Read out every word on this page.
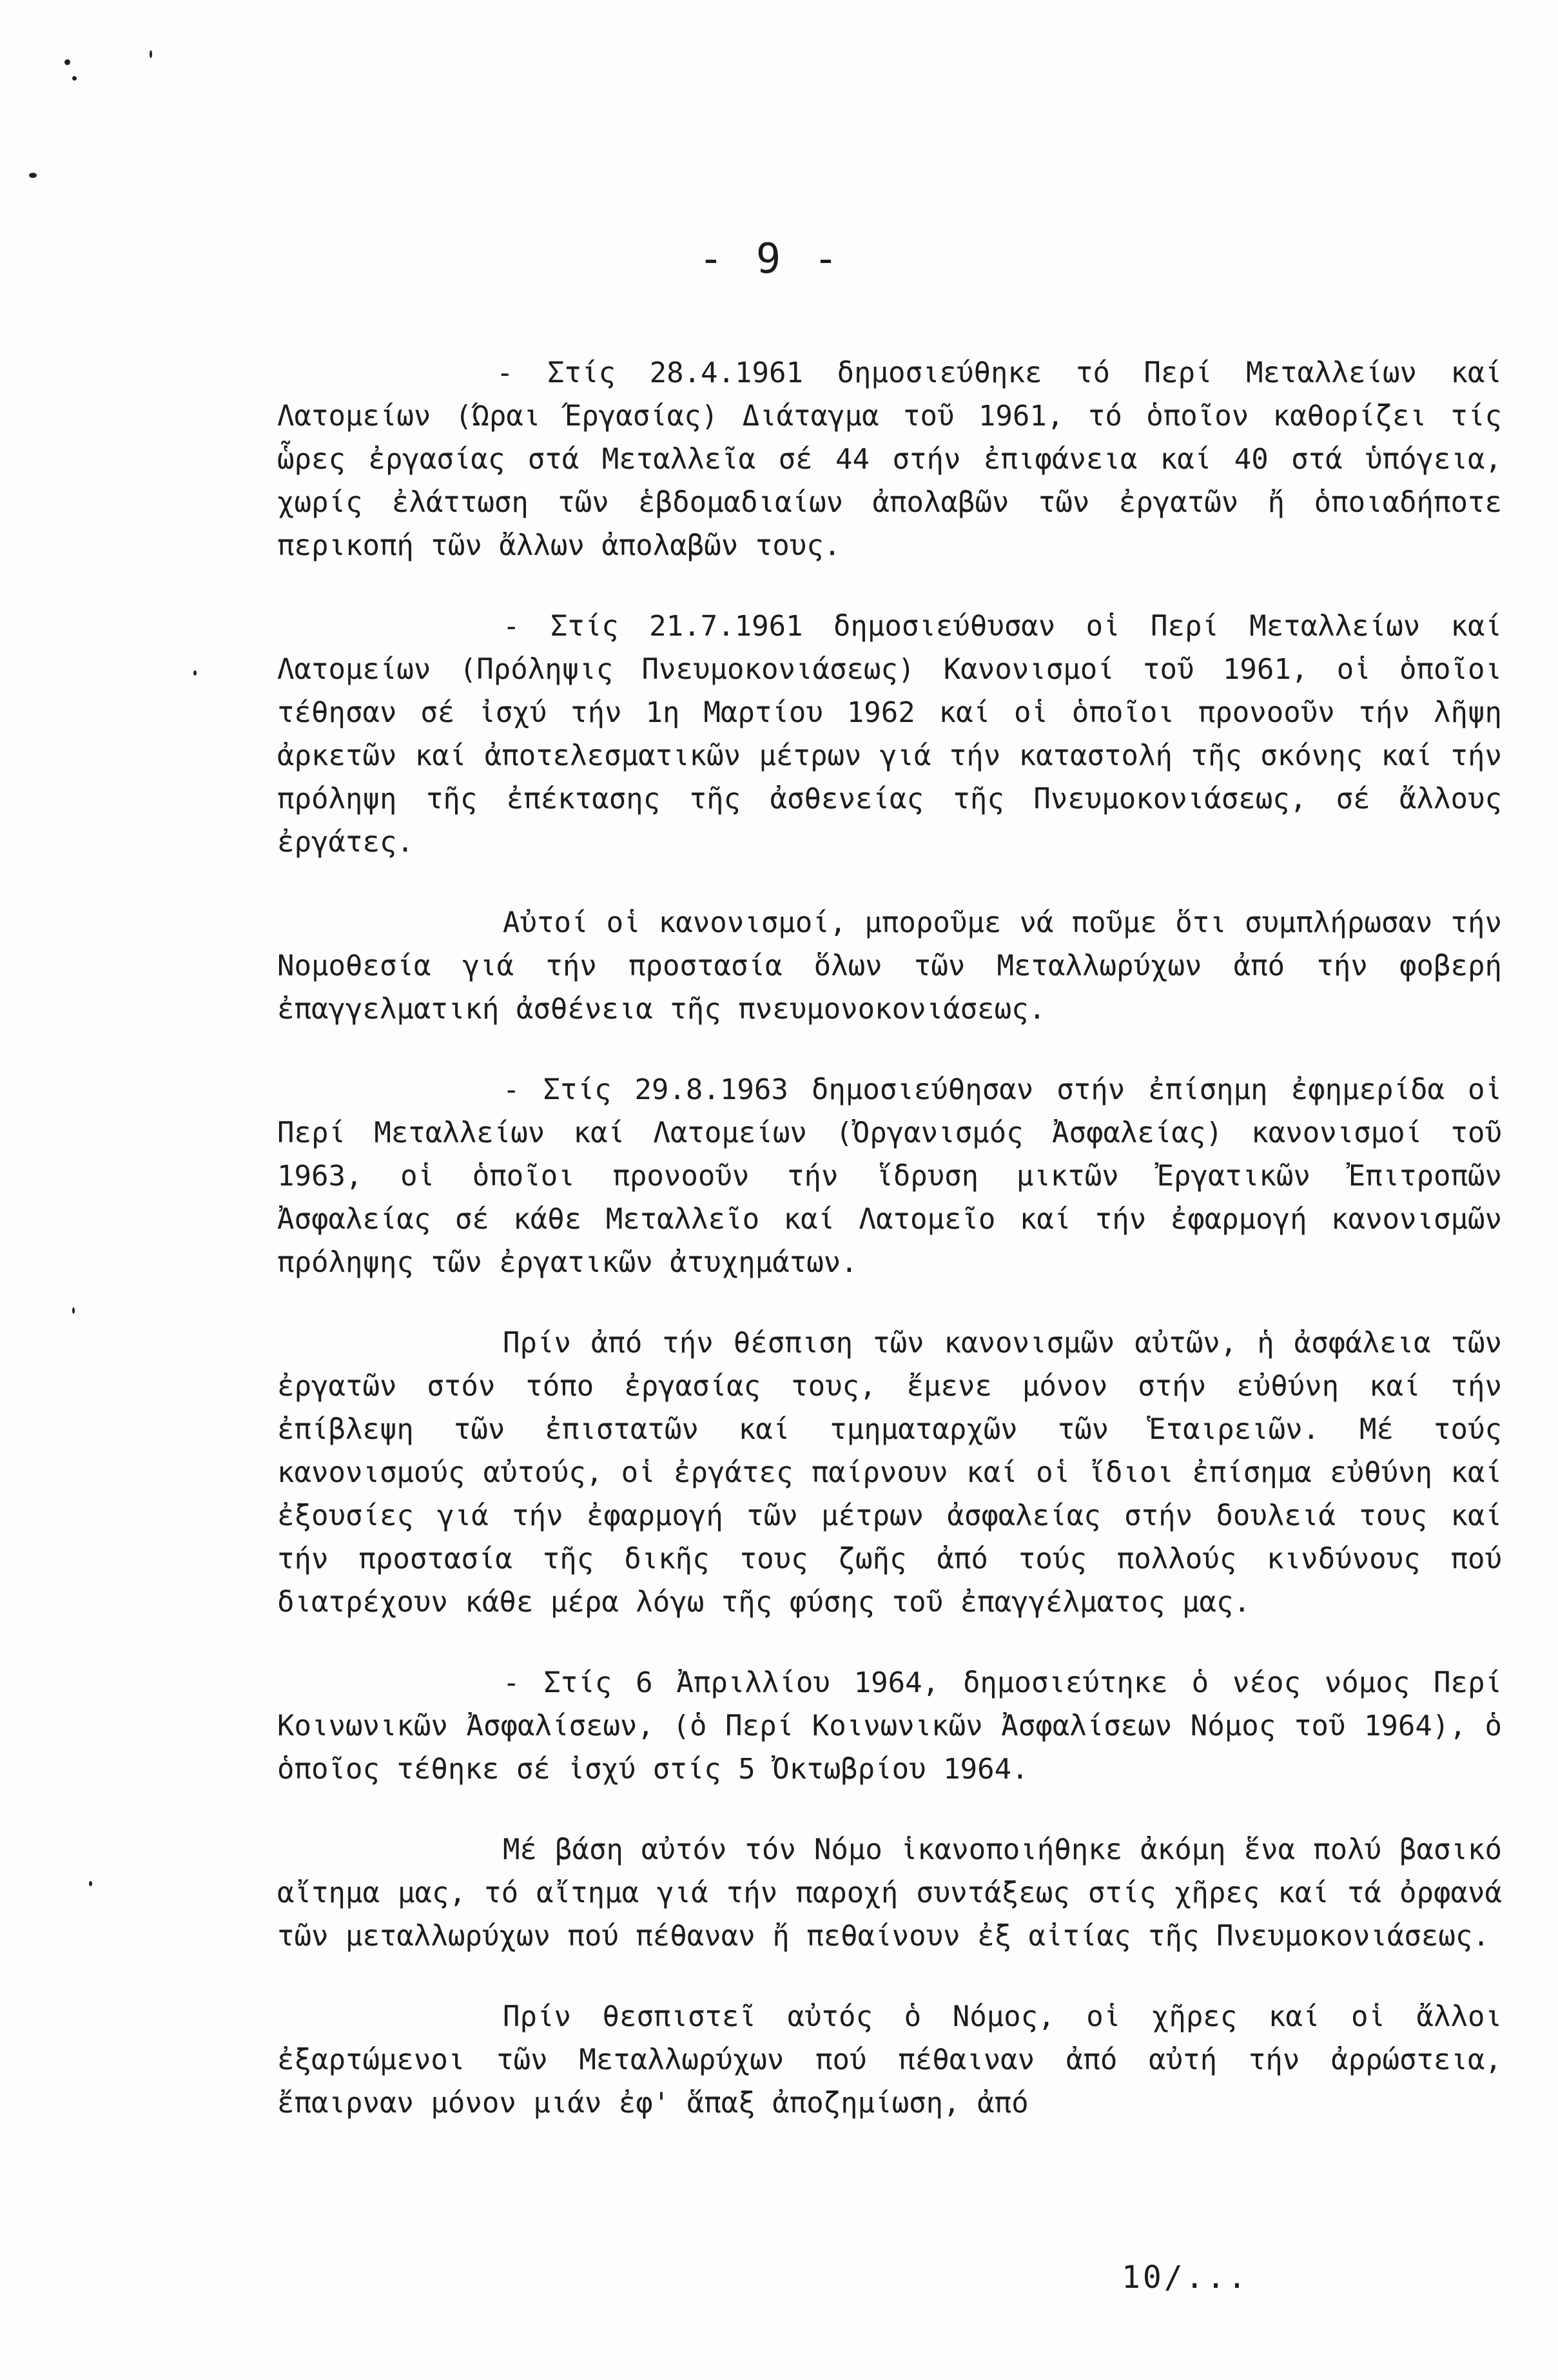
- 9 -

- Στίς 28.4.1961 δημοσιεύθηκε τό Περί Μεταλλείων καί Λατομείων (Ώραι Έργασίας) Διάταγμα τοῦ 1961, τό ὁποῖον καθορίζει τίς ὧρες ἐργασίας στά Μεταλλεῖα σέ 44 στήν ἐπιφάνεια καί 40 στά ὑπόγεια, χωρίς ἐλάττωση τῶν ἑβδομαδιαίων ἀπολαβῶν τῶν ἐργατῶν ἤ ὁποιαδήποτε περικοπή τῶν ἄλλων ἀπολαβῶν τους.

- Στίς 21.7.1961 δημοσιεύθυσαν οἱ Περί Μεταλλείων καί Λατομείων (Πρόληψις Πνευμοκονιάσεως) Κανονισμοί τοῦ 1961, οἱ ὁποῖοι τέθησαν σέ ἰσχύ τήν 1η Μαρτίου 1962 καί οἱ ὁποῖοι προνοοῦν τήν λῆψη ἀρκετῶν καί ἀποτελεσματικῶν μέτρων γιά τήν καταστολή τῆς σκόνης καί τήν πρόληψη τῆς ἐπέκτασης τῆς ἀσθενείας τῆς Πνευμοκονιάσεως, σέ ἄλλους ἐργάτες.

Αὐτοί οἱ κανονισμοί, μποροῦμε νά ποῦμε ὅτι συμπλήρωσαν τήν Νομοθεσία γιά τήν προστασία ὅλων τῶν Μεταλλωρύχων ἀπό τήν φοβερή ἐπαγγελματική ἀσθένεια τῆς πνευμονοκονιάσεως.

- Στίς 29.8.1963 δημοσιεύθησαν στήν ἐπίσημη ἐφημερίδα οἱ Περί Μεταλλείων καί Λατομείων (Ὀργανισμός Ἀσφαλείας) κανονισμοί τοῦ 1963, οἱ ὁποῖοι προνοοῦν τήν ἵδρυση μικτῶν Ἐργατικῶν Ἐπιτροπῶν Ἀσφαλείας σέ κάθε Μεταλλεῖο καί Λατομεῖο καί τήν ἐφαρμογή κανονισμῶν πρόληψης τῶν ἐργατικῶν ἀτυχημάτων.

Πρίν ἀπό τήν θέσπιση τῶν κανονισμῶν αὐτῶν, ἡ ἀσφάλεια τῶν ἐργατῶν στόν τόπο ἐργασίας τους, ἔμενε μόνον στήν εὐθύνη καί τήν ἐπίβλεψη τῶν ἐπιστατῶν καί τμηματαρχῶν τῶν Ἑταιρειῶν. Μέ τούς κανονισμούς αὐτούς, οἱ ἐργάτες παίρνουν καί οἱ ἴδιοι ἐπίσημα εὐθύνη καί ἐξουσίες γιά τήν ἐφαρμογή τῶν μέτρων ἀσφαλείας στήν δουλειά τους καί τήν προστασία τῆς δικῆς τους ζωῆς ἀπό τούς πολλούς κινδύνους πού διατρέχουν κάθε μέρα λόγω τῆς φύσης τοῦ ἐπαγγέλματος μας.

- Στίς 6 Ἀπριλλίου 1964, δημοσιεύτηκε ὁ νέος νόμος Περί Κοινωνικῶν Ἀσφαλίσεων, (ὁ Περί Κοινωνικῶν Ἀσφαλίσεων Νόμος τοῦ 1964), ὁ ὁποῖος τέθηκε σέ ἰσχύ στίς 5 Ὀκτωβρίου 1964.

Μέ βάση αὐτόν τόν Νόμο ἱκανοποιήθηκε ἀκόμη ἕνα πολύ βασικό αἴτημα μας, τό αἴτημα γιά τήν παροχή συντάξεως στίς χῆρες καί τά ὀρφανά τῶν μεταλλωρύχων πού πέθαναν ἤ πεθαίνουν ἐξ αἰτίας τῆς Πνευμοκονιάσεως.

Πρίν θεσπιστεῖ αὐτός ὁ Νόμος, οἱ χῆρες καί οἱ ἄλλοι ἐξαρτώμενοι τῶν Μεταλλωρύχων πού πέθαιναν ἀπό αὐτή τήν ἀρρώστεια, ἔπαιρναν μόνον μιάν ἐφ' ἅπαξ ἀποζημίωση, ἀπό

10/...
